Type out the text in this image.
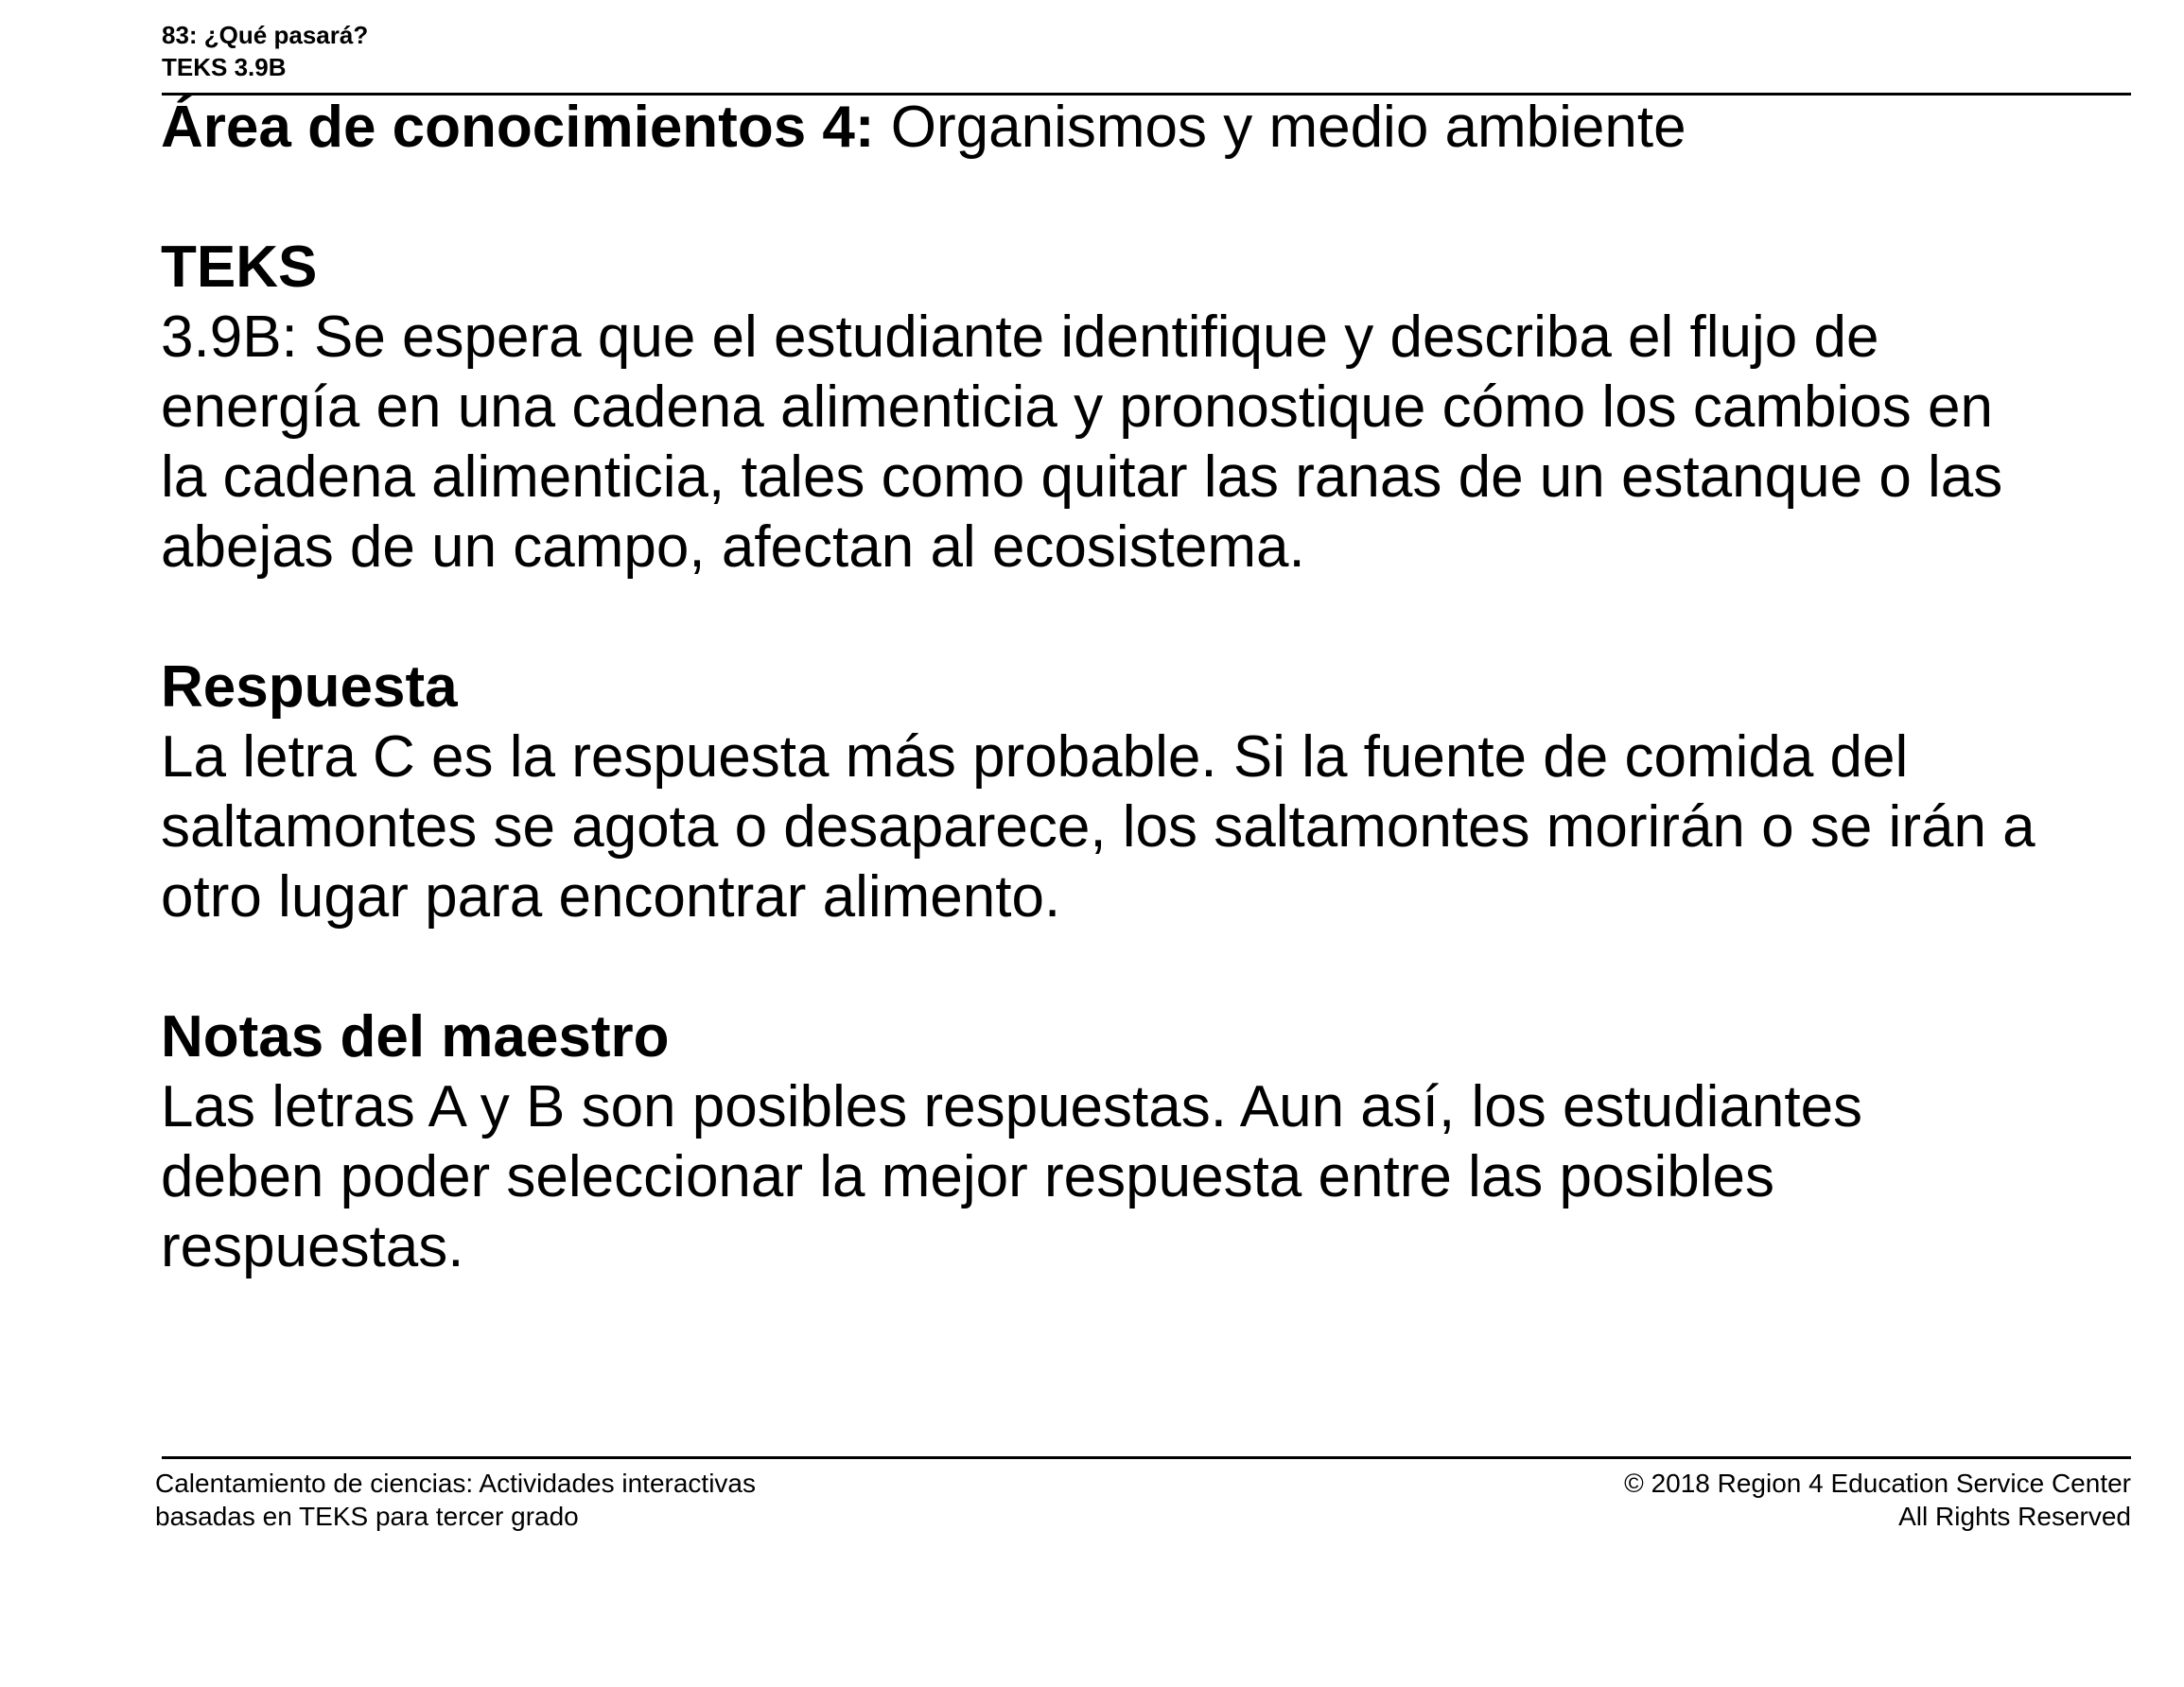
83: ¿Qué pasará?
TEKS 3.9B

Área de conocimientos 4: Organismos y medio ambiente

TEKS

3.9B: Se espera que el estudiante identifique y describa el flujo de
energía en una cadena alimenticia y pronostique cómo los cambios en
la cadena alimenticia, tales como quitar las ranas de un estanque o las
abejas de un campo, afectan al ecosistema.

Respuesta

La letra C es la respuesta más probable. Si la fuente de comida del
saltamontes se agota o desaparece, los saltamontes morirán o se irán a
otro lugar para encontrar alimento.

Notas del maestro

Las letras A y B son posibles respuestas. Aun así, los estudiantes
deben poder seleccionar la mejor respuesta entre las posibles
respuestas.

Calentamiento de ciencias: Actividades interactivas
basadas en TEKS para tercer grado
© 2018 Region 4 Education Service Center
All Rights Reserved
